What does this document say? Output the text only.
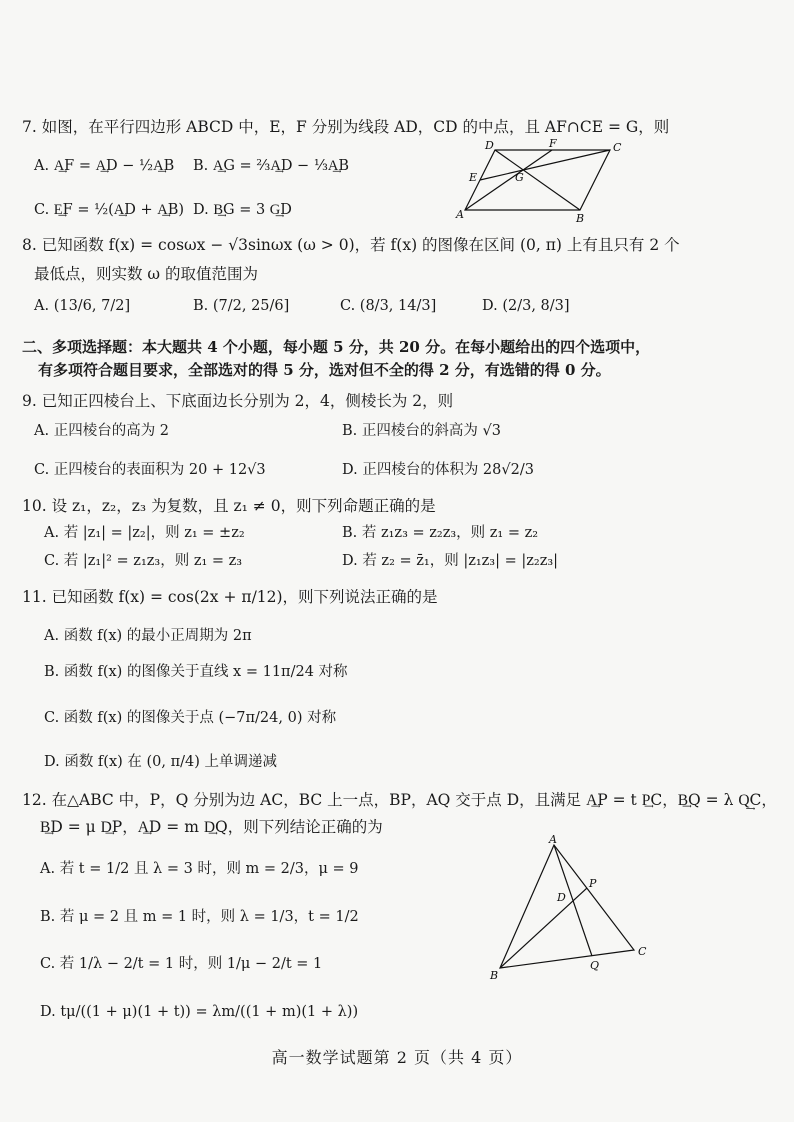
7. 如图，在平行四边形 ABCD 中，E，F 分别为线段 AD，CD 的中点，且 AF∩CE = G，则
A. A͢F = A͢D − ½A͢B B. A͢G = ⅔A͢D − ⅓A͢B
C. E͢F = ½(A͢D + A͢B) D. B͢G = 3 G͢D
D	F	C
E	G
A	B
8. 已知函数 f(x) = cosωx − √3sinωx (ω > 0)，若 f(x) 的图像在区间 (0, π) 上有且只有 2 个
最低点，则实数 ω 的取值范围为
A. (13/6, 7/2]	B. (7/2, 25/6]	C. (8/3, 14/3]	D. (2/3, 8/3]
二、多项选择题：本大题共 4 个小题，每小题 5 分，共 20 分。在每小题给出的四个选项中，
有多项符合题目要求，全部选对的得 5 分，选对但不全的得 2 分，有选错的得 0 分。
9. 已知正四棱台上、下底面边长分别为 2，4，侧棱长为 2，则
A. 正四棱台的高为 2	B. 正四棱台的斜高为 √3
C. 正四棱台的表面积为 20 + 12√3	D. 正四棱台的体积为 28√2/3
10. 设 z₁，z₂，z₃ 为复数，且 z₁ ≠ 0，则下列命题正确的是
A. 若 |z₁| = |z₂|，则 z₁ = ±z₂	B. 若 z₁z₃ = z₂z₃，则 z₁ = z₂
C. 若 |z₁|² = z₁z₃，则 z₁ = z₃	D. 若 z₂ = z̄₁，则 |z₁z₃| = |z₂z₃|
11. 已知函数 f(x) = cos(2x + π/12)，则下列说法正确的是
A. 函数 f(x) 的最小正周期为 2π
B. 函数 f(x) 的图像关于直线 x = 11π/24 对称
C. 函数 f(x) 的图像关于点 (−7π/24, 0) 对称
D. 函数 f(x) 在 (0, π/4) 上单调递减
12. 在△ABC 中，P，Q 分别为边 AC，BC 上一点，BP，AQ 交于点 D，且满足 A͢P = t P͢C，B͢Q = λ Q͢C，
B͢D = μ D͢P，A͢D = m D͢Q，则下列结论正确的为
A. 若 t = 1/2 且 λ = 3 时，则 m = 2/3，μ = 9
B. 若 μ = 2 且 m = 1 时，则 λ = 1/3，t = 1/2
C. 若 1/λ − 2/t = 1 时，则 1/μ − 2/t = 1
D. tμ/((1 + μ)(1 + t)) = λm/((1 + m)(1 + λ))
A
P
D
C
B
Q
高一数学试题第 2 页（共 4 页）
